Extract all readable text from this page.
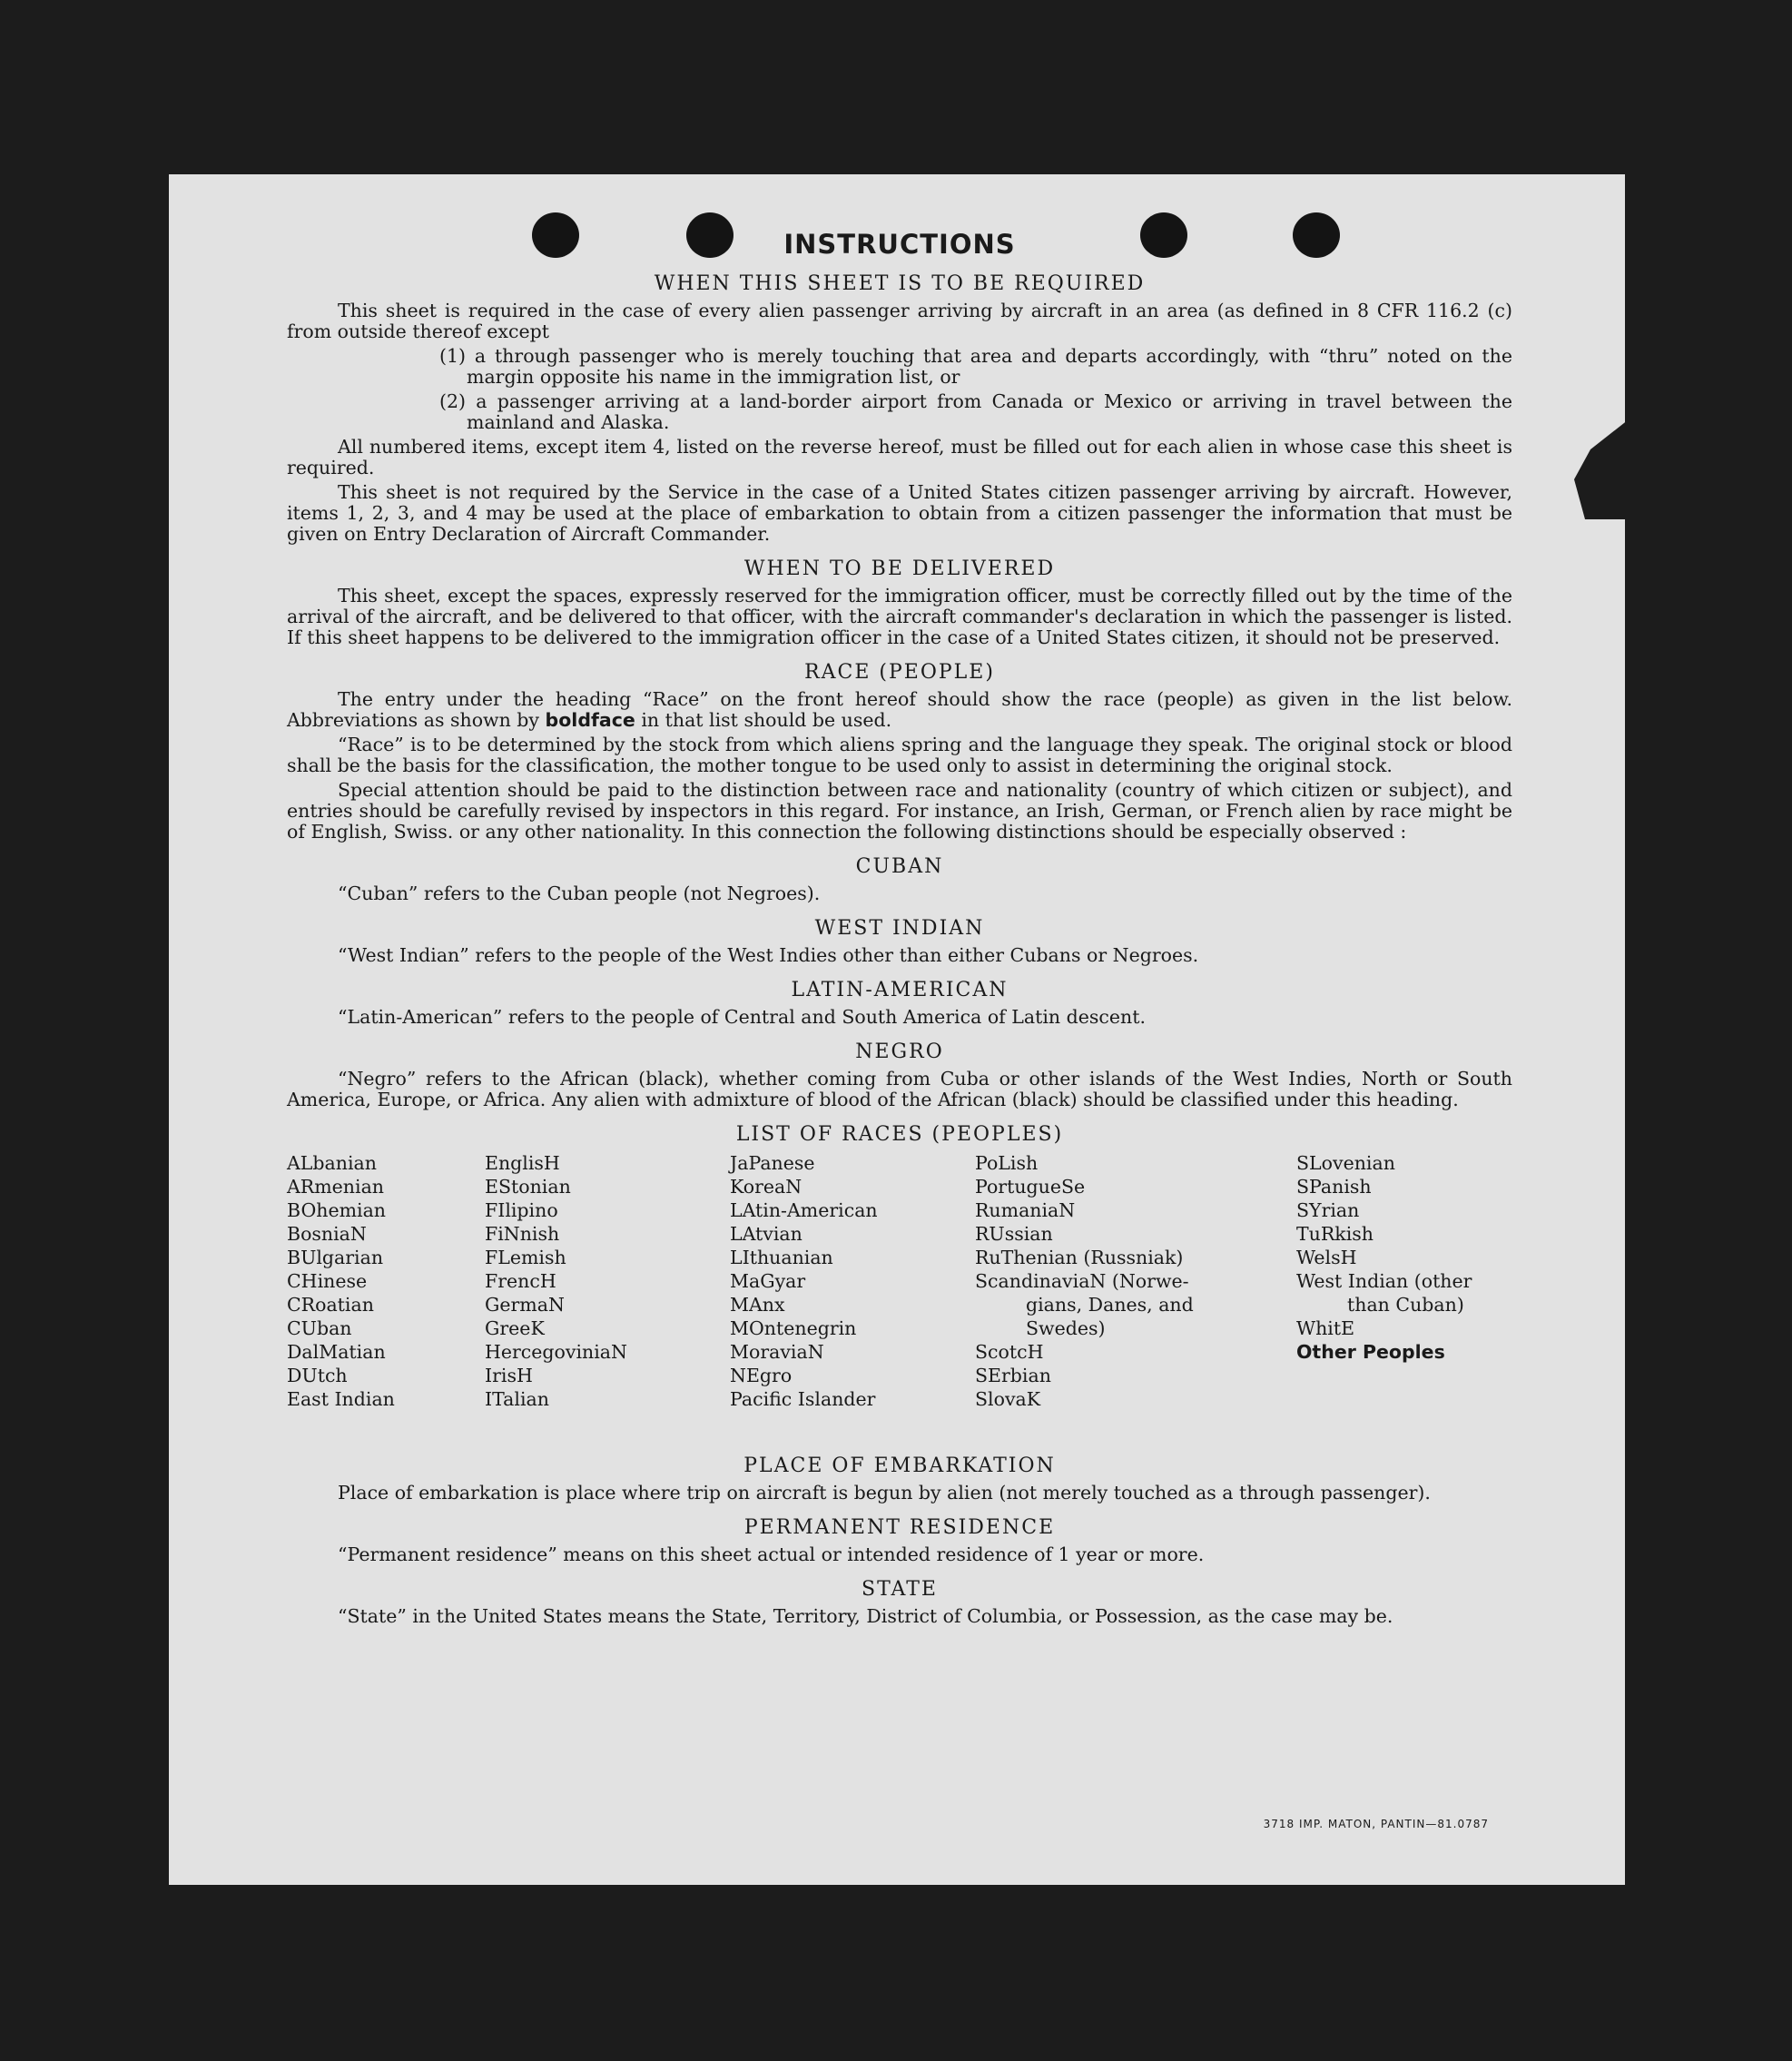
INSTRUCTIONS
WHEN THIS SHEET IS TO BE REQUIRED

This sheet is required in the case of every alien passenger arriving by aircraft in an area (as defined in 8 CFR 116.2 (c) from outside thereof except

(1) a through passenger who is merely touching that area and departs accordingly, with “thru” noted on the margin opposite his name in the immigration list, or

(2) a passenger arriving at a land-border airport from Canada or Mexico or arriving in travel between the mainland and Alaska.

All numbered items, except item 4, listed on the reverse hereof, must be filled out for each alien in whose case this sheet is required.

This sheet is not required by the Service in the case of a United States citizen passenger arriving by aircraft. However, items 1, 2, 3, and 4 may be used at the place of embarkation to obtain from a citizen passenger the information that must be given on Entry Declaration of Aircraft Commander.

WHEN TO BE DELIVERED

This sheet, except the spaces, expressly reserved for the immigration officer, must be correctly filled out by the time of the arrival of the aircraft, and be delivered to that officer, with the aircraft commander's declaration in which the passenger is listed. If this sheet happens to be delivered to the immigration officer in the case of a United States citizen, it should not be preserved.

RACE (PEOPLE)

The entry under the heading “Race” on the front hereof should show the race (people) as given in the list below. Abbreviations as shown by boldface in that list should be used.

“Race” is to be determined by the stock from which aliens spring and the language they speak. The original stock or blood shall be the basis for the classification, the mother tongue to be used only to assist in determining the original stock.

Special attention should be paid to the distinction between race and nationality (country of which citizen or subject), and entries should be carefully revised by inspectors in this regard. For instance, an Irish, German, or French alien by race might be of English, Swiss. or any other nationality. In this connection the following distinctions should be especially observed :

CUBAN

“Cuban” refers to the Cuban people (not Negroes).

WEST INDIAN

“West Indian” refers to the people of the West Indies other than either Cubans or Negroes.

LATIN-AMERICAN

“Latin-American” refers to the people of Central and South America of Latin descent.

NEGRO

“Negro” refers to the African (black), whether coming from Cuba or other islands of the West Indies, North or South America, Europe, or Africa. Any alien with admixture of blood of the African (black) should be classified under this heading.

LIST OF RACES (PEOPLES)
ALbanian
ARmenian
BOhemian
BosniaN
BUlgarian
CHinese
CRoatian
CUban
DalMatian
DUtch
East Indian
EnglisH
EStonian
FIlipino
FiNnish
FLemish
FrencH
GermaN
GreeK
HercegoviniaN
IrisH
ITalian
JaPanese
KoreaN
LAtin-American
LAtvian
LIthuanian
MaGyar
MAnx
MOntenegrin
MoraviaN
NEgro
Pacific Islander
PoLish
PortugueSe
RumaniaN
RUssian
RuThenian (Russniak)
ScandinaviaN (Norwe-
gians, Danes, and
Swedes)
ScotcH
SErbian
SlovaK
SLovenian
SPanish
SYrian
TuRkish
WelsH
West Indian (other
than Cuban)
WhitE
Other Peoples
PLACE OF EMBARKATION

Place of embarkation is place where trip on aircraft is begun by alien (not merely touched as a through passenger).

PERMANENT RESIDENCE

“Permanent residence” means on this sheet actual or intended residence of 1 year or more.

STATE

“State” in the United States means the State, Territory, District of Columbia, or Possession, as the case may be.

3718 IMP. MATON, PANTIN—81.0787
